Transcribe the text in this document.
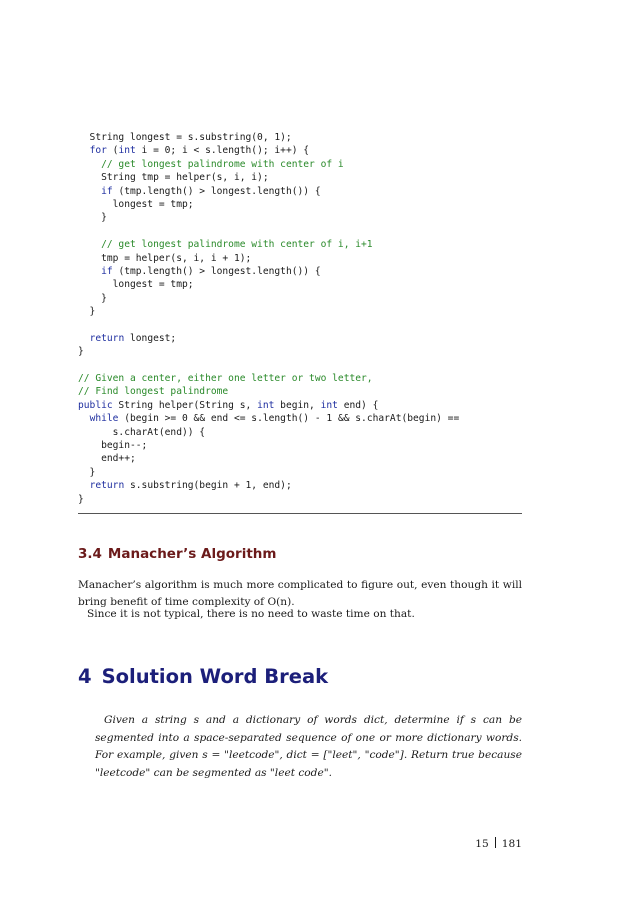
String longest = s.substring(0, 1);
for (int i = 0; i < s.length(); i++) {
// get longest palindrome with center of i
String tmp = helper(s, i, i);
if (tmp.length() > longest.length()) {
longest = tmp;
}
// get longest palindrome with center of i, i+1
tmp = helper(s, i, i + 1);
if (tmp.length() > longest.length()) {
longest = tmp;
}
}
return longest;
}
// Given a center, either one letter or two letter,
// Find longest palindrome
public String helper(String s, int begin, int end) {
while (begin >= 0 && end <= s.length() - 1 && s.charAt(begin) ==
s.charAt(end)) {
begin--;
end++;
}
return s.substring(begin + 1, end);
}
3.4 Manacher’s Algorithm
Manacher’s algorithm is much more complicated to figure out, even though it will bring benefit of time complexity of O(n).
Since it is not typical, there is no need to waste time on that.
4 Solution Word Break
Given a string s and a dictionary of words dict, determine if s can be segmented into a space-separated sequence of one or more dictionary words. For example, given s = "leetcode", dict = ["leet", "code"]. Return true because "leetcode" can be segmented as "leet code".
15 181
